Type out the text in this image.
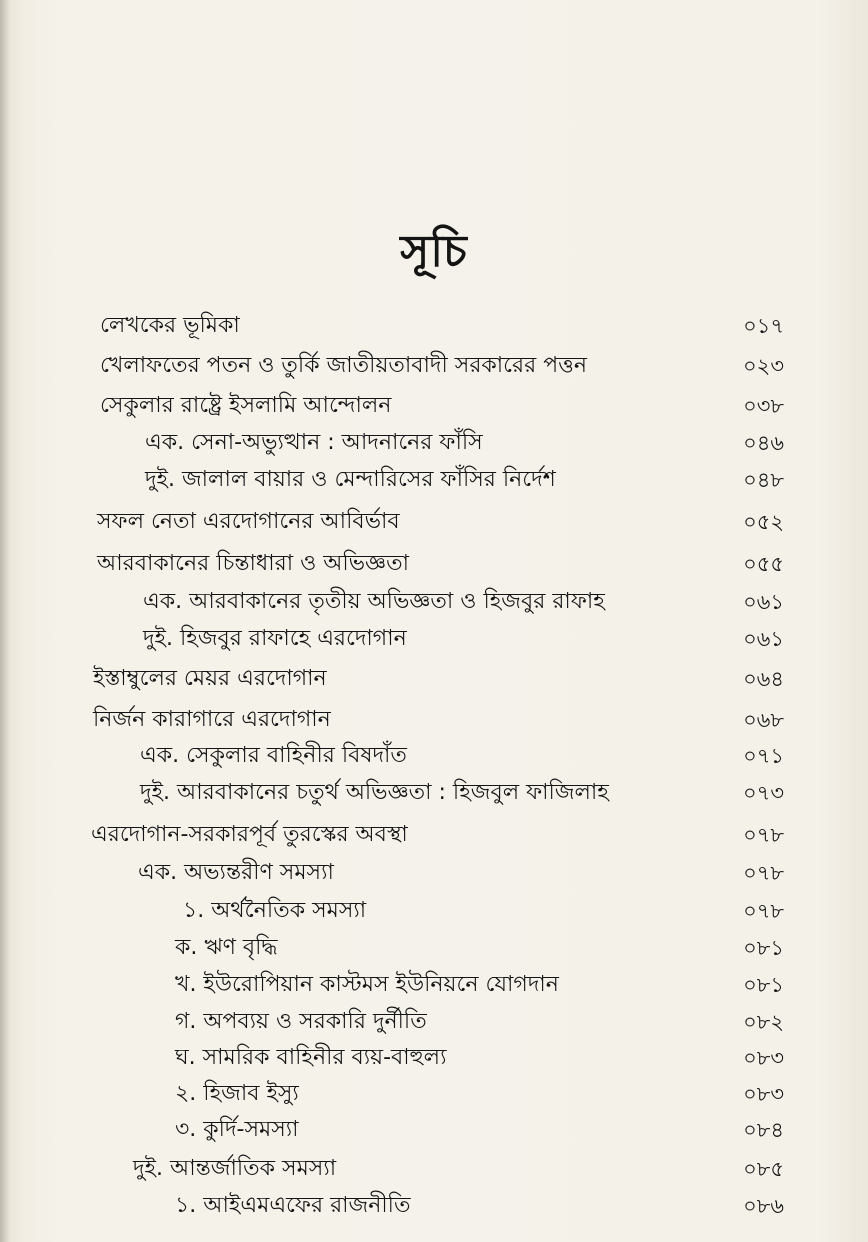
সূচি
লেখকের ভূমিকা	০১৭
খেলাফতের পতন ও তুর্কি জাতীয়তাবাদী সরকারের পত্তন	০২৩
সেকুলার রাষ্ট্রে ইসলামি আন্দোলন	০৩৮
এক. সেনা-অভ্যুত্থান : আদনানের ফাঁসি	০৪৬
দুই. জালাল বায়ার ও মেন্দারিসের ফাঁসির নির্দেশ	০৪৮
সফল নেতা এরদোগানের আবির্ভাব	০৫২
আরবাকানের চিন্তাধারা ও অভিজ্ঞতা	০৫৫
এক. আরবাকানের তৃতীয় অভিজ্ঞতা ও হিজবুর রাফাহ	০৬১
দুই. হিজবুর রাফাহে এরদোগান	০৬১
ইস্তাম্বুলের মেয়র এরদোগান	০৬৪
নির্জন কারাগারে এরদোগান	০৬৮
এক. সেকুলার বাহিনীর বিষদাঁত	০৭১
দুই. আরবাকানের চতুর্থ অভিজ্ঞতা : হিজবুল ফাজিলাহ	০৭৩
এরদোগান-সরকারপূর্ব তুরস্কের অবস্থা	০৭৮
এক. অভ্যন্তরীণ সমস্যা	০৭৮
১. অর্থনৈতিক সমস্যা	০৭৮
ক. ঋণ বৃদ্ধি	০৮১
খ. ইউরোপিয়ান কাস্টমস ইউনিয়নে যোগদান	০৮১
গ. অপব্যয় ও সরকারি দুর্নীতি	০৮২
ঘ. সামরিক বাহিনীর ব্যয়-বাহুল্য	০৮৩
২. হিজাব ইস্যু	০৮৩
৩. কুর্দি-সমস্যা	০৮৪
দুই. আন্তর্জাতিক সমস্যা	০৮৫
১. আইএমএফের রাজনীতি	০৮৬
